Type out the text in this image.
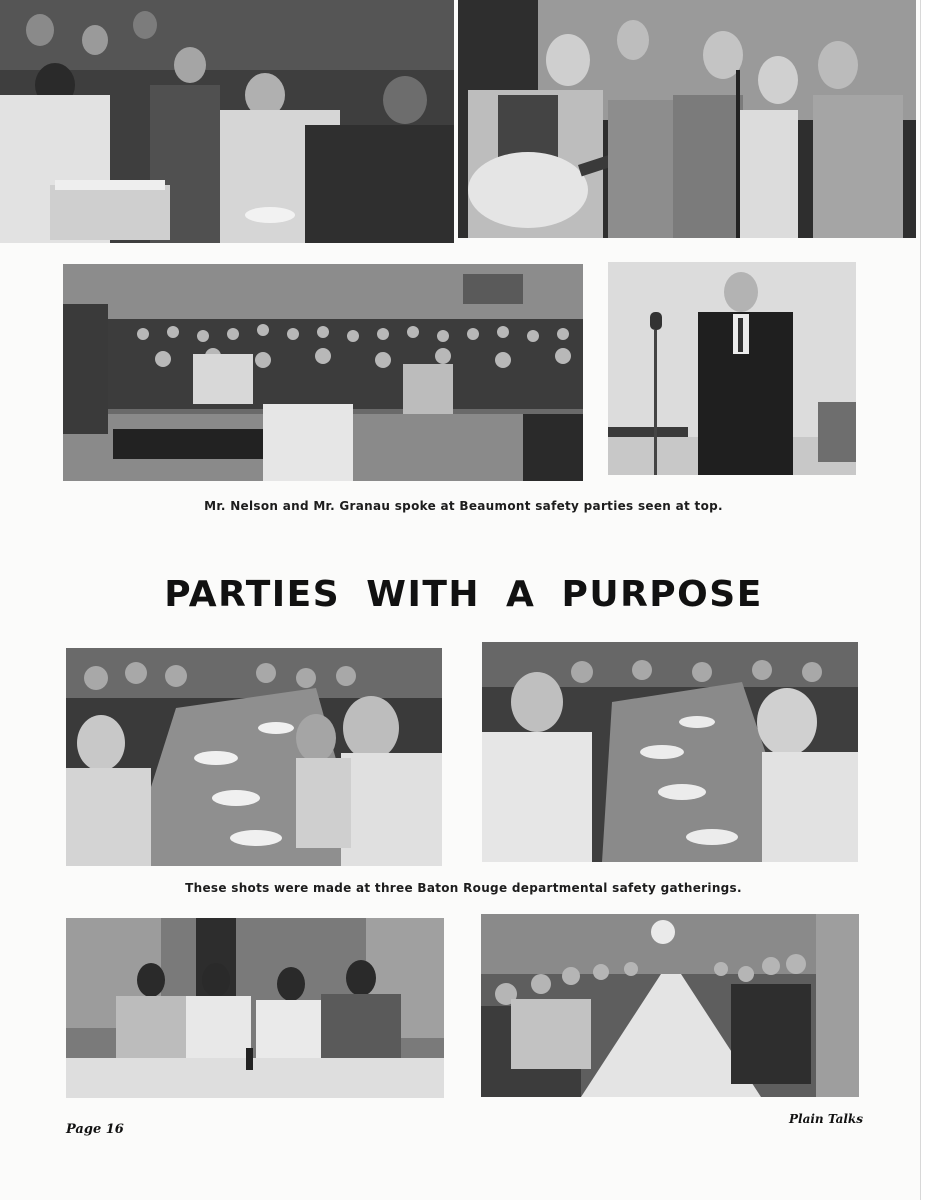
Mr. Nelson and Mr. Granau spoke at Beaumont safety parties seen at top.
PARTIES WITH A PURPOSE
These shots were made at three Baton Rouge departmental safety gatherings.
Page 16
Plain Talks
